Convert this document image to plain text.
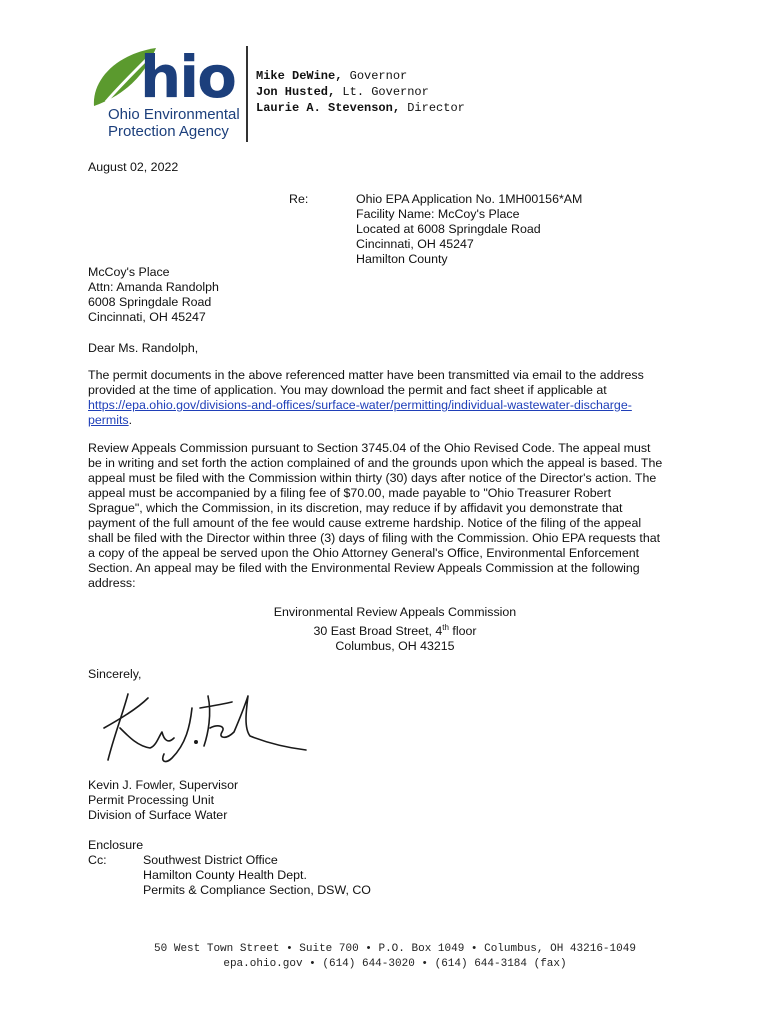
hio
Ohio Environmental
Protection Agency
Mike DeWine, Governor
Jon Husted, Lt. Governor
Laurie A. Stevenson, Director
August 02, 2022
Re:	Ohio EPA Application No. 1MH00156*AM
Facility Name: McCoy's Place
Located at 6008 Springdale Road
Cincinnati, OH 45247
Hamilton County
McCoy's Place
Attn: Amanda Randolph
6008 Springdale Road
Cincinnati, OH 45247
Dear Ms. Randolph,
The permit documents in the above referenced matter have been transmitted via email to the address
provided at the time of application. You may download the permit and fact sheet if applicable at
https://epa.ohio.gov/divisions-and-offices/surface-water/permitting/individual-wastewater-discharge-
permits.
Review Appeals Commission pursuant to Section 3745.04 of the Ohio Revised Code. The appeal must
be in writing and set forth the action complained of and the grounds upon which the appeal is based. The
appeal must be filed with the Commission within thirty (30) days after notice of the Director's action. The
appeal must be accompanied by a filing fee of $70.00, made payable to "Ohio Treasurer Robert
Sprague", which the Commission, in its discretion, may reduce if by affidavit you demonstrate that
payment of the full amount of the fee would cause extreme hardship. Notice of the filing of the appeal
shall be filed with the Director within three (3) days of filing with the Commission. Ohio EPA requests that
a copy of the appeal be served upon the Ohio Attorney General's Office, Environmental Enforcement
Section. An appeal may be filed with the Environmental Review Appeals Commission at the following
address:
Environmental Review Appeals Commission
30 East Broad Street, 4th floor
Columbus, OH 43215
Sincerely,
Kevin J. Fowler, Supervisor
Permit Processing Unit
Division of Surface Water
Enclosure
Cc:	Southwest District Office
Hamilton County Health Dept.
Permits & Compliance Section, DSW, CO
50 West Town Street • Suite 700 • P.O. Box 1049 • Columbus, OH 43216-1049
epa.ohio.gov • (614) 644-3020 • (614) 644-3184 (fax)
